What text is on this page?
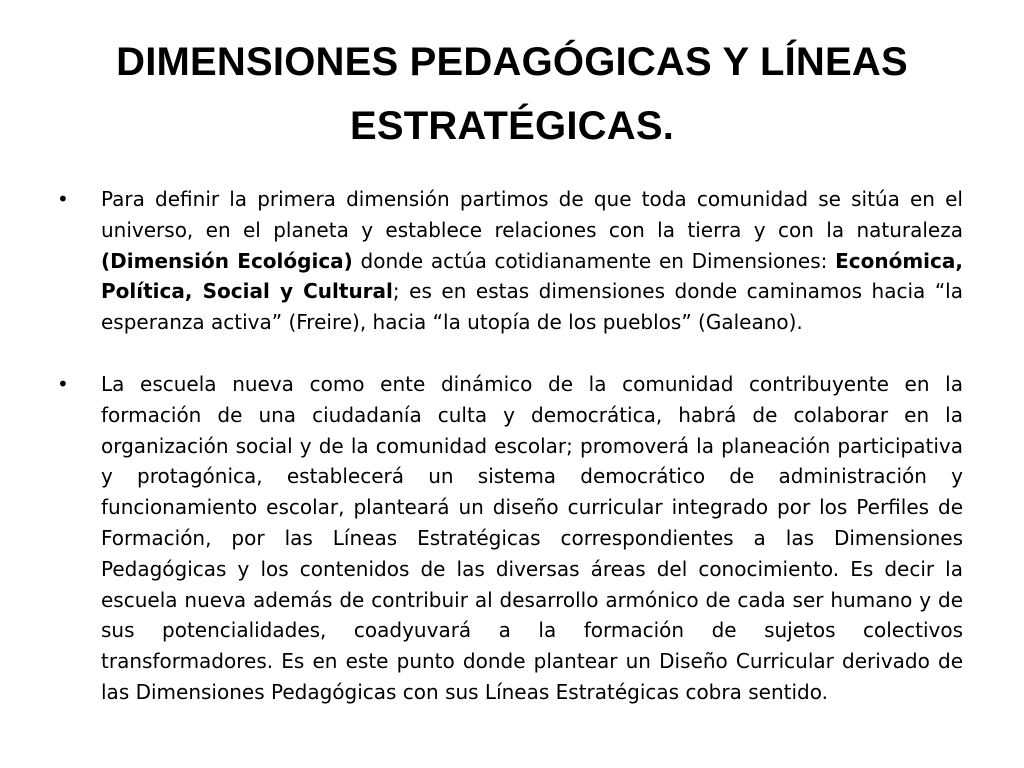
DIMENSIONES PEDAGÓGICAS Y LÍNEAS
ESTRATÉGICAS.
•	Para definir la primera dimensión partimos de que toda comunidad se sitúa en el universo, en el planeta y establece relaciones con la tierra y con la naturaleza (Dimensión Ecológica) donde actúa cotidianamente en Dimensiones: Económica, Política, Social y Cultural; es en estas dimensiones donde caminamos hacia “la esperanza activa” (Freire), hacia “la utopía de los pueblos” (Galeano).
•	La escuela nueva como ente dinámico de la comunidad contribuyente en la formación de una ciudadanía culta y democrática, habrá de colaborar en la organización social y de la comunidad escolar; promoverá la planeación participativa y protagónica, establecerá un sistema democrático de administración y funcionamiento escolar, planteará un diseño curricular integrado por los Perfiles de Formación, por las Líneas Estratégicas correspondientes a las Dimensiones Pedagógicas y los contenidos de las diversas áreas del conocimiento. Es decir la escuela nueva además de contribuir al desarrollo armónico de cada ser humano y de sus potencialidades, coadyuvará a la formación de sujetos colectivos transformadores. Es en este punto donde plantear un Diseño Curricular derivado de las Dimensiones Pedagógicas con sus Líneas Estratégicas cobra sentido.
